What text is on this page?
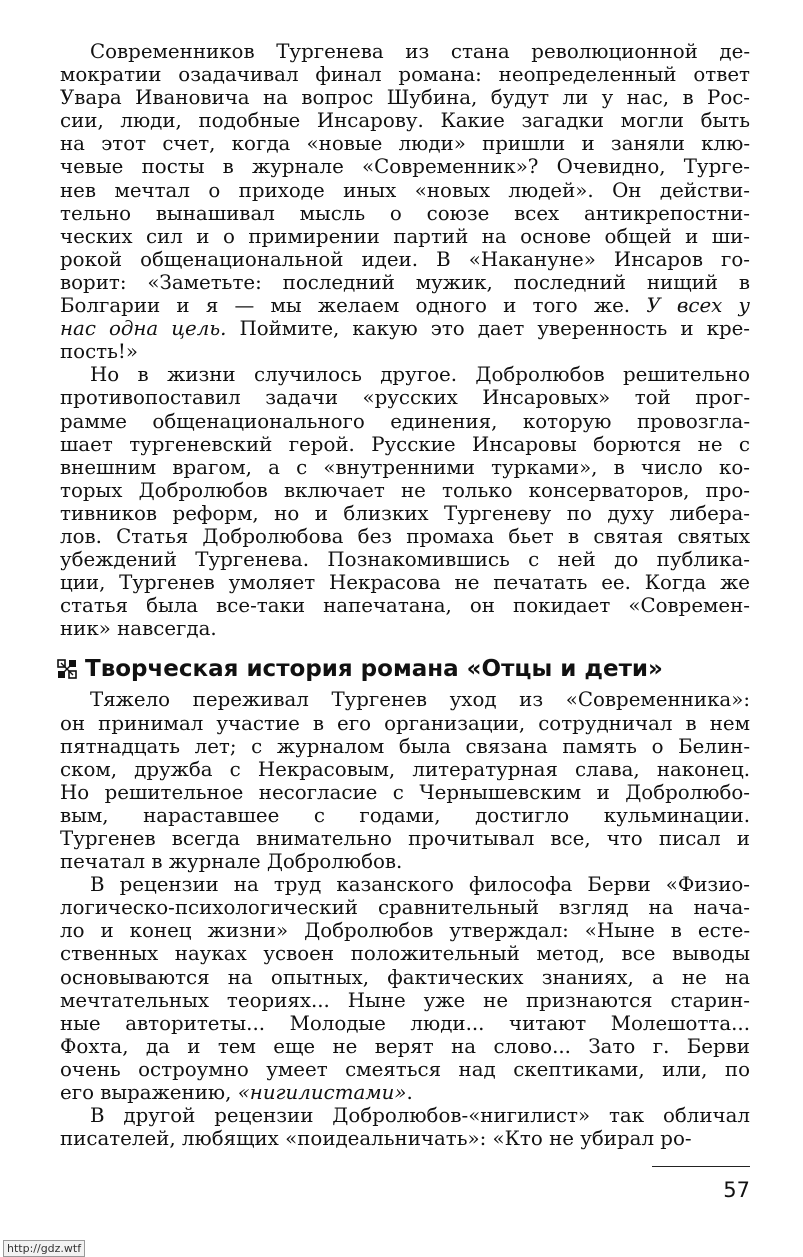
Современников Тургенева из стана революционной де-
мократии озадачивал финал романа: неопределенный ответ
Увара Ивановича на вопрос Шубина, будут ли у нас, в Рос-
сии, люди, подобные Инсарову. Какие загадки могли быть
на этот счет, когда «новые люди» пришли и заняли клю-
чевые посты в журнале «Современник»? Очевидно, Турге-
нев мечтал о приходе иных «новых людей». Он действи-
тельно вынашивал мысль о союзе всех антикрепостни-
ческих сил и о примирении партий на основе общей и ши-
рокой общенациональной идеи. В «Накануне» Инсаров го-
ворит: «Заметьте: последний мужик, последний нищий в
Болгарии и я — мы желаем одного и того же. У всех у
нас одна цель. Поймите, какую это дает уверенность и кре-
пость!»
Но в жизни случилось другое. Добролюбов решительно
противопоставил задачи «русских Инсаровых» той прог-
рамме общенационального единения, которую провозгла-
шает тургеневский герой. Русские Инсаровы борются не с
внешним врагом, а с «внутренними турками», в число ко-
торых Добролюбов включает не только консерваторов, про-
тивников реформ, но и близких Тургеневу по духу либера-
лов. Статья Добролюбова без промаха бьет в святая святых
убеждений Тургенева. Познакомившись с ней до публика-
ции, Тургенев умоляет Некрасова не печатать ее. Когда же
статья была все-таки напечатана, он покидает «Современ-
ник» навсегда.
Творческая история романа «Отцы и дети»
Тяжело переживал Тургенев уход из «Современника»:
он принимал участие в его организации, сотрудничал в нем
пятнадцать лет; с журналом была связана память о Белин-
ском, дружба с Некрасовым, литературная слава, наконец.
Но решительное несогласие с Чернышевским и Добролюбо-
вым, нараставшее с годами, достигло кульминации.
Тургенев всегда внимательно прочитывал все, что писал и
печатал в журнале Добролюбов.
В рецензии на труд казанского философа Берви «Физио-
логическо-психологический сравнительный взгляд на нача-
ло и конец жизни» Добролюбов утверждал: «Ныне в есте-
ственных науках усвоен положительный метод, все выводы
основываются на опытных, фактических знаниях, а не на
мечтательных теориях... Ныне уже не признаются старин-
ные авторитеты... Молодые люди... читают Молешотта...
Фохта, да и тем еще не верят на слово... Зато г. Берви
очень остроумно умеет смеяться над скептиками, или, по
его выражению, «нигилистами».
В другой рецензии Добролюбов-«нигилист» так обличал
писателей, любящих «поидеальничать»: «Кто не убирал ро-
57
http://gdz.wtf
